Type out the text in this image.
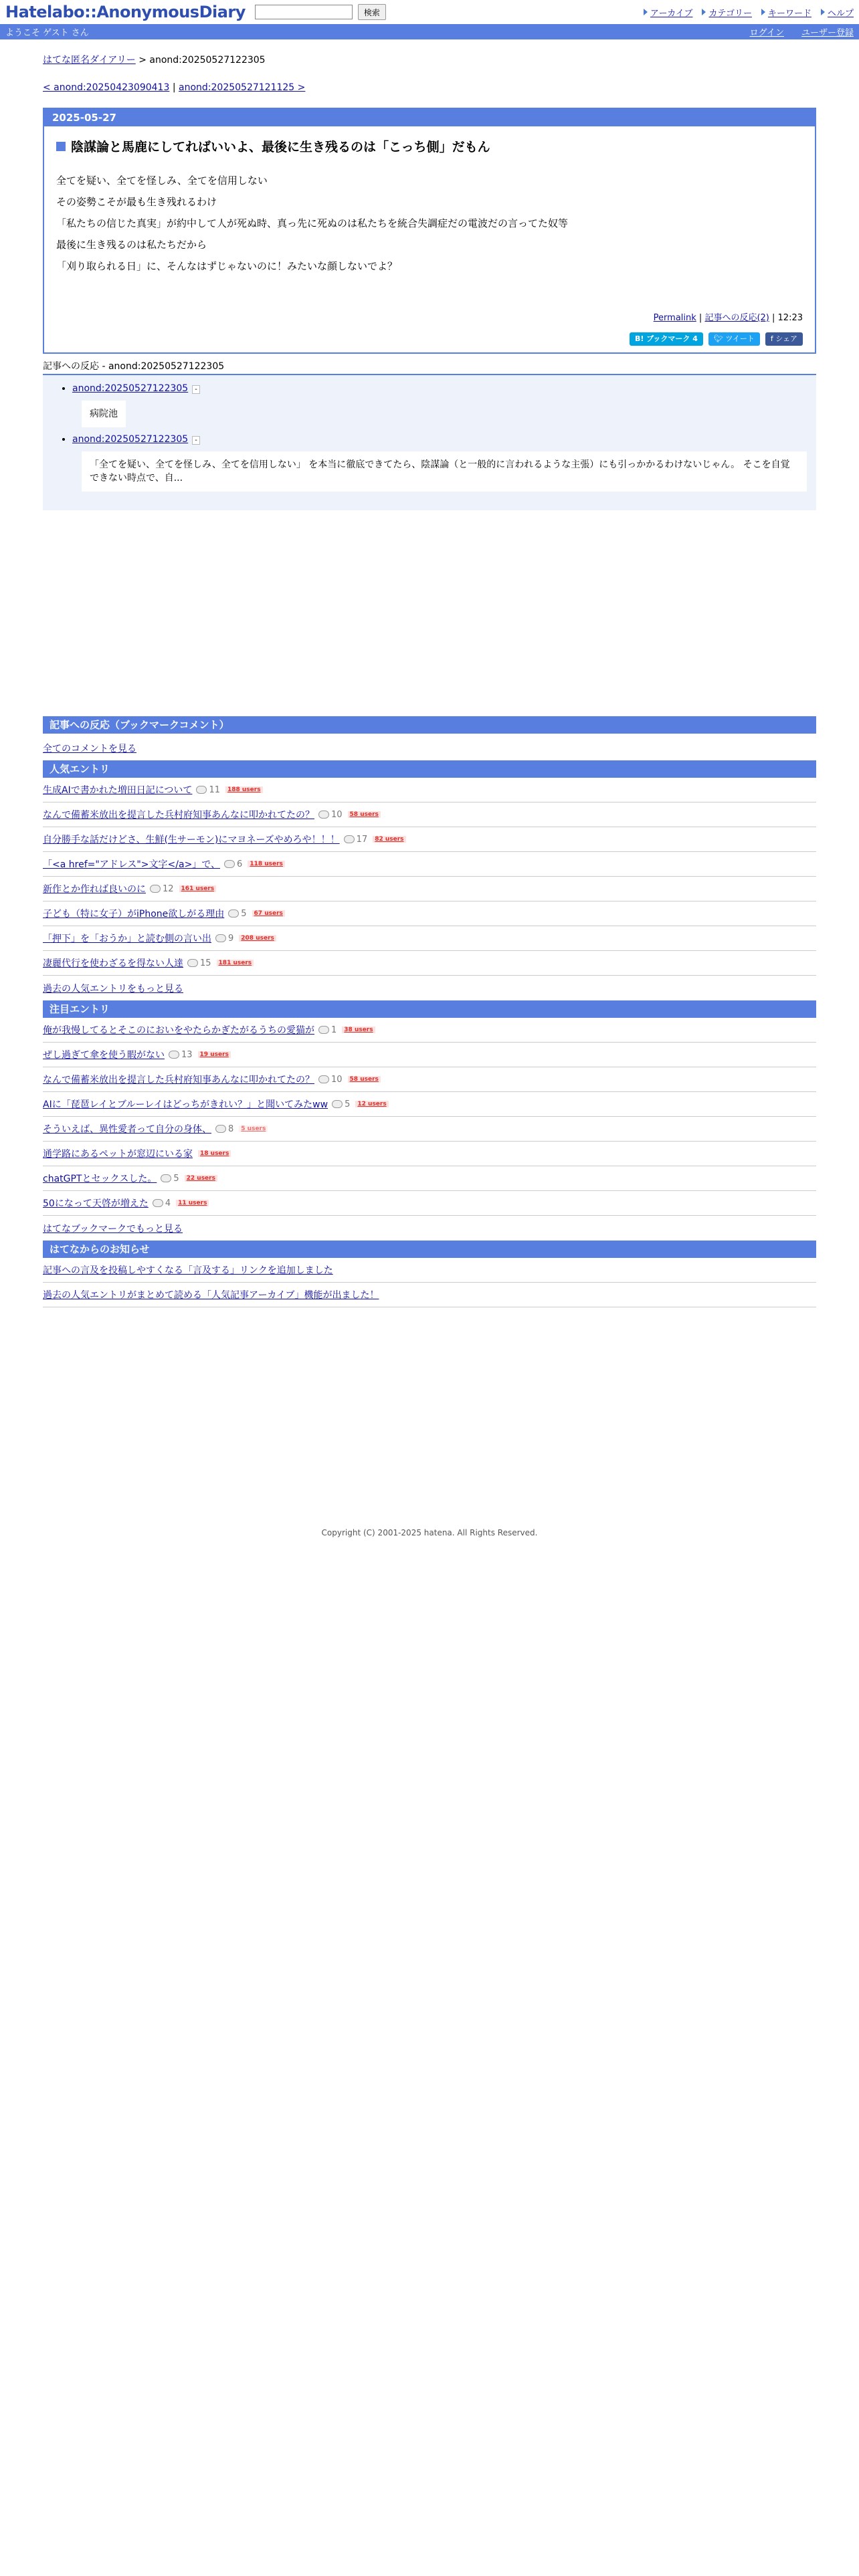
Hatelabo::AnonymousDiary	検索	アーカイブ カテゴリー キーワード ヘルプ
ようこそ ゲスト さん	ログイン ユーザー登録
はてな匿名ダイアリー > anond:20250527122305
< anond:20250423090413 | anond:20250527121125 >
2025-05-27
陰謀論と馬鹿にしてればいいよ、最後に生き残るのは「こっち側」だもん

全てを疑い、全てを怪しみ、全てを信用しない

その姿勢こそが最も生き残れるわけ

「私たちの信じた真実」が約中して人が死ぬ時、真っ先に死ぬのは私たちを統合失調症だの電波だの言ってた奴等

最後に生き残るのは私たちだから

「刈り取られる日」に、そんなはずじゃないのに！みたいな顔しないでよ？

Permalink | 記事への反応(2) | 12:23
B! ブックマーク 4	🐦︎ ツイート	f シェア
記事への反応 - anond:20250527122305
anond:20250527122305 -
病院池
anond:20250527122305 -
「全てを疑い、全てを怪しみ、全てを信用しない」 を本当に徹底できてたら、陰謀論（と一般的に言われるような主張）にも引っかかるわけないじゃん。 そこを自覚できない時点で、自...
記事への反応（ブックマークコメント）
全てのコメントを見る
人気エントリ
生成AIで書かれた増田日記について 11	188 users
なんで備蓄米放出を提言した兵村府知事あんなに叩かれてたの？ 10	58 users
自分勝手な話だけどさ、生鮮(生サーモン)にマヨネーズやめろや！！！ 17	82 users
「<a href="アドレス">文字</a>」で、 6	118 users
新作とか作れば良いのに 12	161 users
子ども（特に女子）がiPhone欲しがる理由 5	67 users
「押下」を「おうか」と読む側の言い出 9	208 users
凄麗代行を使わざるを得ない人達 15	181 users
過去の人気エントリをもっと見る
注目エントリ
俺が我慢してるとそこのにおいをやたらかぎたがるうちの愛猫が 1	38 users
ぜし過ぎて傘を使う暇がない 13	19 users
なんで備蓄米放出を提言した兵村府知事あんなに叩かれてたの？ 10	58 users
AIに「琵琶レイとブルーレイはどっちがきれい？」と聞いてみたww 5	12 users
そういえば、異性愛者って自分の身体、 8	5 users
通学路にあるペットが窓辺にいる家	18 users
chatGPTとセックスした。 5	22 users
50になって天啓が増えた 4	11 users
はてなブックマークでもっと見る
はてなからのお知らせ
記事への言及を投稿しやすくなる「言及する」リンクを追加しました
過去の人気エントリがまとめて読める「人気記事アーカイブ」機能が出ました！
Copyright (C) 2001-2025 hatena. All Rights Reserved.
